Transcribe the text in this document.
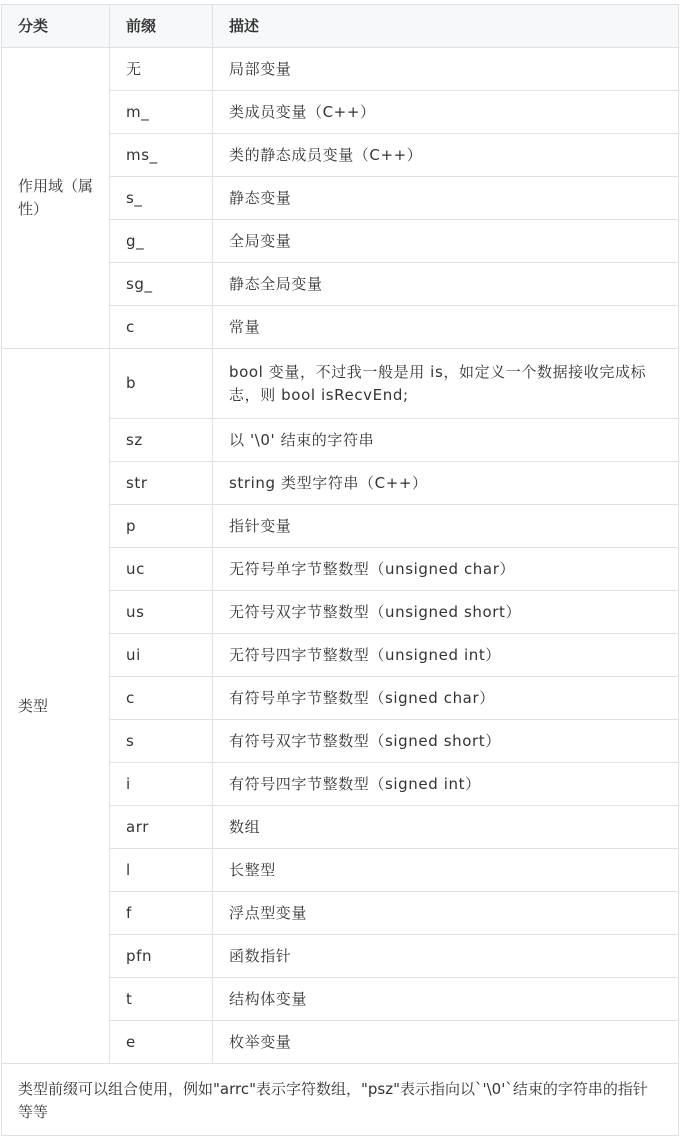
分类	前缀	描述
作用域（属性）	无	局部变量
	m_	类成员变量（C++）
	ms_	类的静态成员变量（C++）
	s_	静态变量
	g_	全局变量
	sg_	静态全局变量
	c	常量
类型	b	bool 变量，不过我一般是用 is，如定义一个数据接收完成标志，则 bool isRecvEnd;
	sz	以 '\0' 结束的字符串
	str	string 类型字符串（C++）
	p	指针变量
	uc	无符号单字节整数型（unsigned char）
	us	无符号双字节整数型（unsigned short）
	ui	无符号四字节整数型（unsigned int）
	c	有符号单字节整数型（signed char）
	s	有符号双字节整数型（signed short）
	i	有符号四字节整数型（signed int）
	arr	数组
	l	长整型
	f	浮点型变量
	pfn	函数指针
	t	结构体变量
	e	枚举变量
类型前缀可以组合使用，例如"arrc"表示字符数组，"psz"表示指向以`'\0'`结束的字符串的指针等等		
